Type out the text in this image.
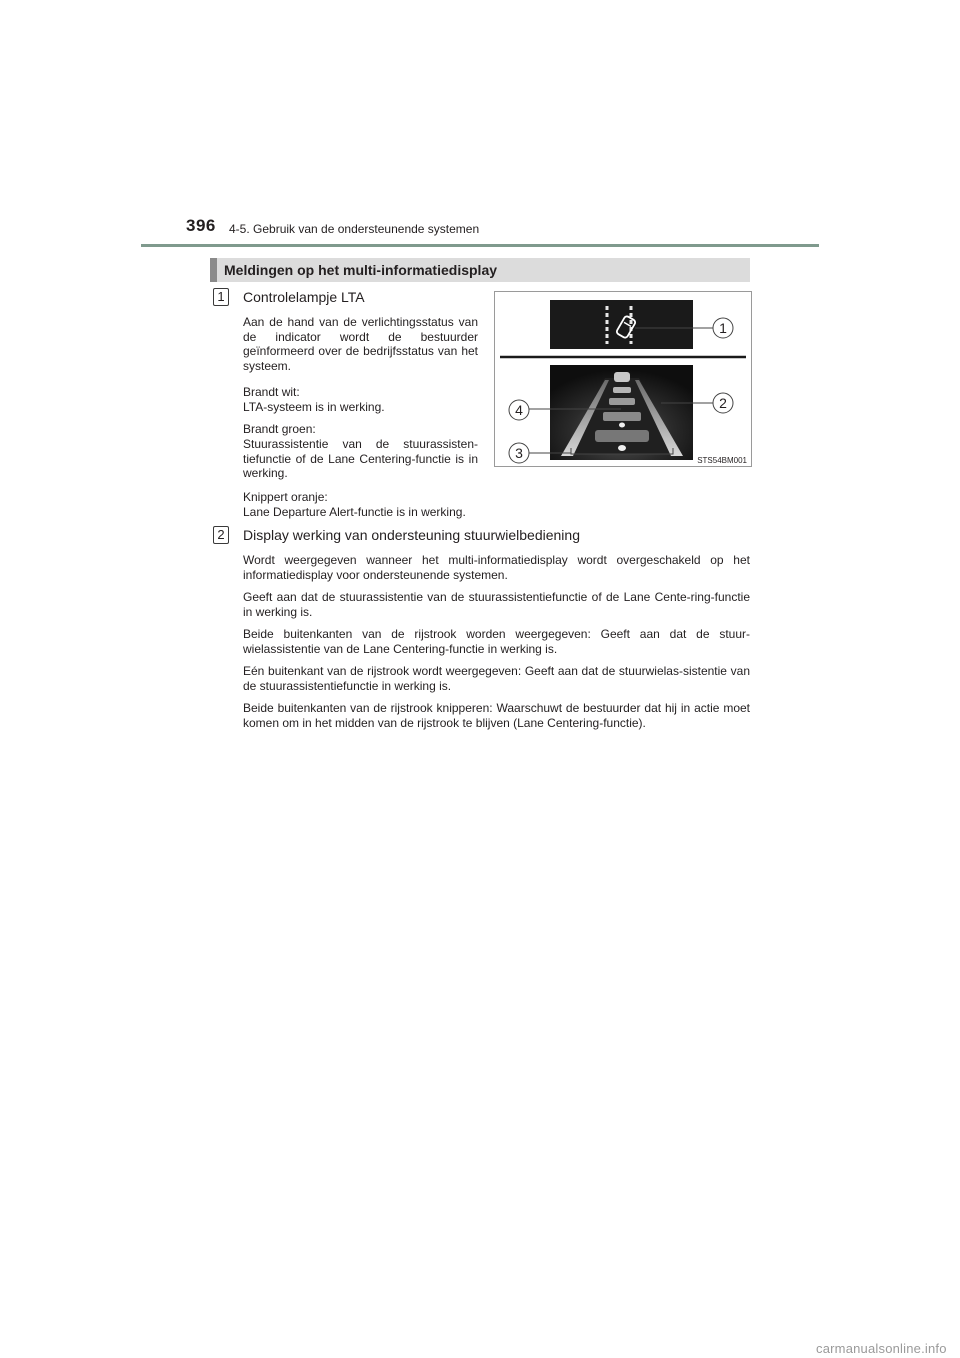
396 4-5. Gebruik van de ondersteunende systemen
Meldingen op het multi-informatiedisplay
1	Controlelampje LTA

Aan de hand van de verlichtingsstatus van de indicator wordt de bestuurder geïnformeerd over de bedrijfsstatus van het systeem.

Brandt wit:

LTA-systeem is in werking.

Brandt groen:

Stuurassistentie van de stuurassisten-tiefunctie of de Lane Centering-functie is in werking.

Knippert oranje:

Lane Departure Alert-functie is in werking.

1
2
4
3	STS54BM001
2	Display werking van ondersteuning stuurwielbediening

Wordt weergegeven wanneer het multi-informatiedisplay wordt overgeschakeld op het informatiedisplay voor ondersteunende systemen.

Geeft aan dat de stuurassistentie van de stuurassistentiefunctie of de Lane Cente-ring-functie in werking is.

Beide buitenkanten van de rijstrook worden weergegeven: Geeft aan dat de stuur-wielassistentie van de Lane Centering-functie in werking is.

Eén buitenkant van de rijstrook wordt weergegeven: Geeft aan dat de stuurwielas-sistentie van de stuurassistentiefunctie in werking is.

Beide buitenkanten van de rijstrook knipperen: Waarschuwt de bestuurder dat hij in actie moet komen om in het midden van de rijstrook te blijven (Lane Centering-functie).

carmanualsonline.info
